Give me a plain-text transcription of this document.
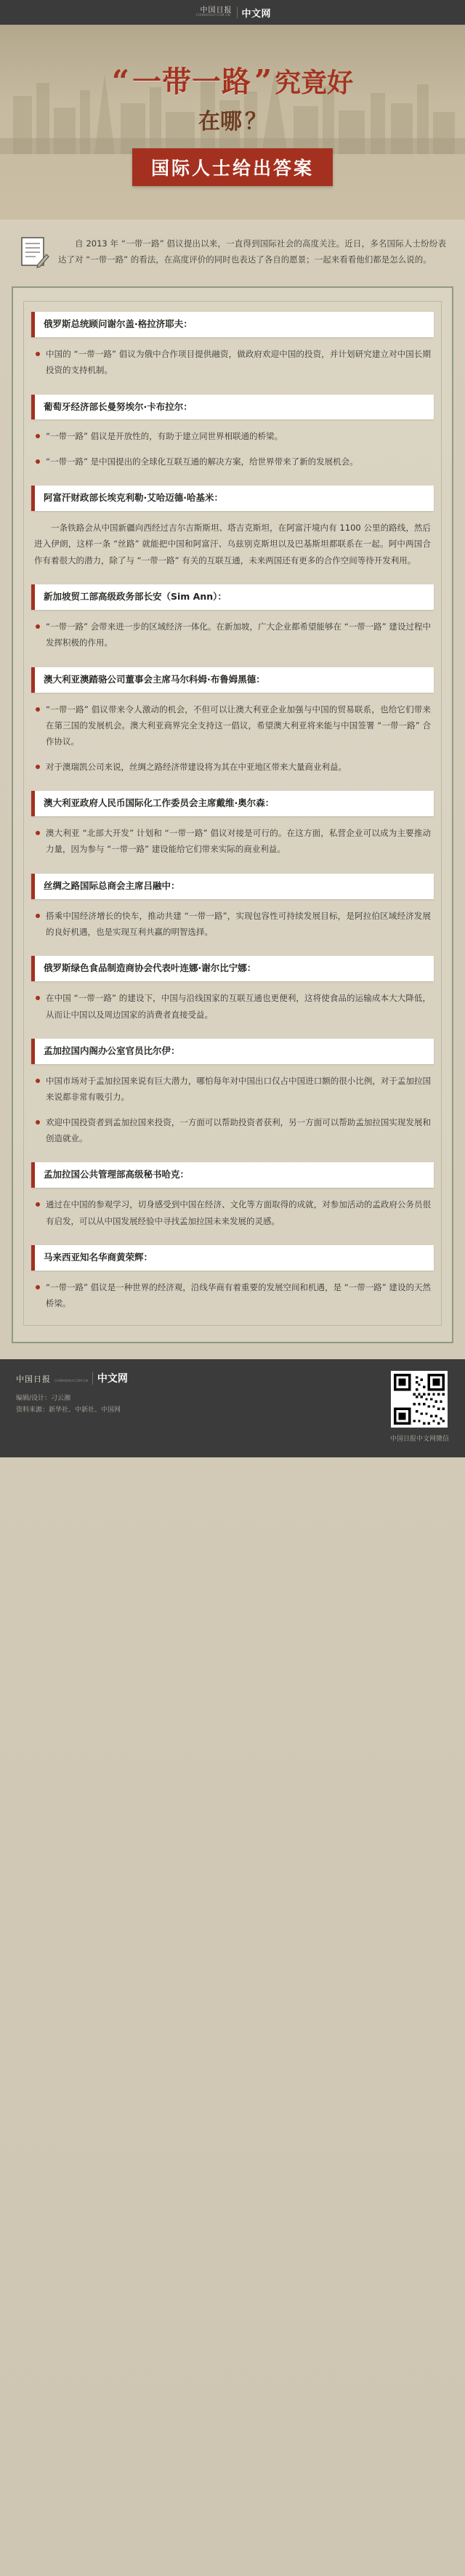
中国日报
CHINADAILY.COM.CN 中文网
“ 一带一路 ” 究竟好
在哪 ？
国际人士给出答案
自 2013 年 “一带一路” 倡议提出以来，一直得到国际社会的高度关注。近日，多名国际人士纷纷表达了对 “一带一路” 的看法，在高度评价的同时也表达了各自的愿景；一起来看看他们都是怎么说的。
俄罗斯总统顾问谢尔盖·格拉济耶夫：
中国的 “一带一路” 倡议为俄中合作项目提供融资，做政府欢迎中国的投资，并计划研究建立对中国长期投资的支持机制。
葡萄牙经济部长曼努埃尔·卡布拉尔：
“一带一路” 倡议是开放性的，有助于建立同世界相联通的桥梁。
“一带一路” 是中国提出的全球化互联互通的解决方案，给世界带来了新的发展机会。
阿富汗财政部长埃克利勒·艾哈迈德·哈基米：
一条铁路会从中国新疆向西经过吉尔吉斯斯坦、塔吉克斯坦，在阿富汗境内有 1100 公里的路线，然后进入伊朗，这样一条 “丝路” 就能把中国和阿富汗、乌兹别克斯坦以及巴基斯坦都联系在一起。阿中两国合作有着很大的潜力，除了与 “一带一路” 有关的互联互通，未来两国还有更多的合作空间等待开发利用。
新加坡贸工部高级政务部长安（Sim Ann）：
“一带一路” 会带来进一步的区域经济一体化。在新加坡，广大企业都希望能够在 “一带一路” 建设过程中发挥积极的作用。
澳大利亚澳踏骆公司董事会主席马尔科姆·布鲁姆黑德：
“一带一路” 倡议带来令人激动的机会，不但可以让澳大利亚企业加强与中国的贸易联系，也给它们带来在第三国的发展机会。澳大利亚商界完全支持这一倡议，希望澳大利亚将来能与中国签署 “一带一路” 合作协议。
对于澳瑞凯公司来说，丝绸之路经济带建设将为其在中亚地区带来大量商业利益。
澳大利亚政府人民币国际化工作委员会主席戴维·奥尔森：
澳大利亚 “北部大开发” 计划和 “一带一路” 倡议对接是可行的。在这方面，私营企业可以成为主要推动力量，因为参与 “一带一路” 建设能给它们带来实际的商业利益。
丝绸之路国际总商会主席吕融中：
搭乘中国经济增长的快车，推动共建 “一带一路”，实现包容性可持续发展目标，是阿拉伯区域经济发展的良好机遇，也是实现互利共赢的明智选择。
俄罗斯绿色食品制造商协会代表叶连娜·谢尔比宁娜：
在中国 “一带一路” 的建设下，中国与沿线国家的互联互通也更便利，这将使食品的运输成本大大降低，从而让中国以及周边国家的消费者直接受益。
孟加拉国内阁办公室官员比尔伊：
中国市场对于孟加拉国来说有巨大潜力，哪怕每年对中国出口仅占中国进口额的很小比例，对于孟加拉国来说都非常有吸引力。
欢迎中国投资者到孟加拉国来投资，一方面可以帮助投资者获利，另一方面可以帮助孟加拉国实现发展和创造就业。
孟加拉国公共管理部高级秘书哈克：
通过在中国的参观学习，切身感受到中国在经济、文化等方面取得的成就，对参加活动的孟政府公务员很有启发，可以从中国发展经验中寻找孟加拉国未来发展的灵感。
马来西亚知名华商黄荣辉：
“一带一路” 倡议是一种世界的经济观，沿线华商有着重要的发展空间和机遇，是 “一带一路” 建设的天然桥梁。
中国日报 CHINADAILY.COM.CN 中文网
编辑/设计：刁云湘
资料来源：新华社、中新社、中国网
中国日报中文网微信
